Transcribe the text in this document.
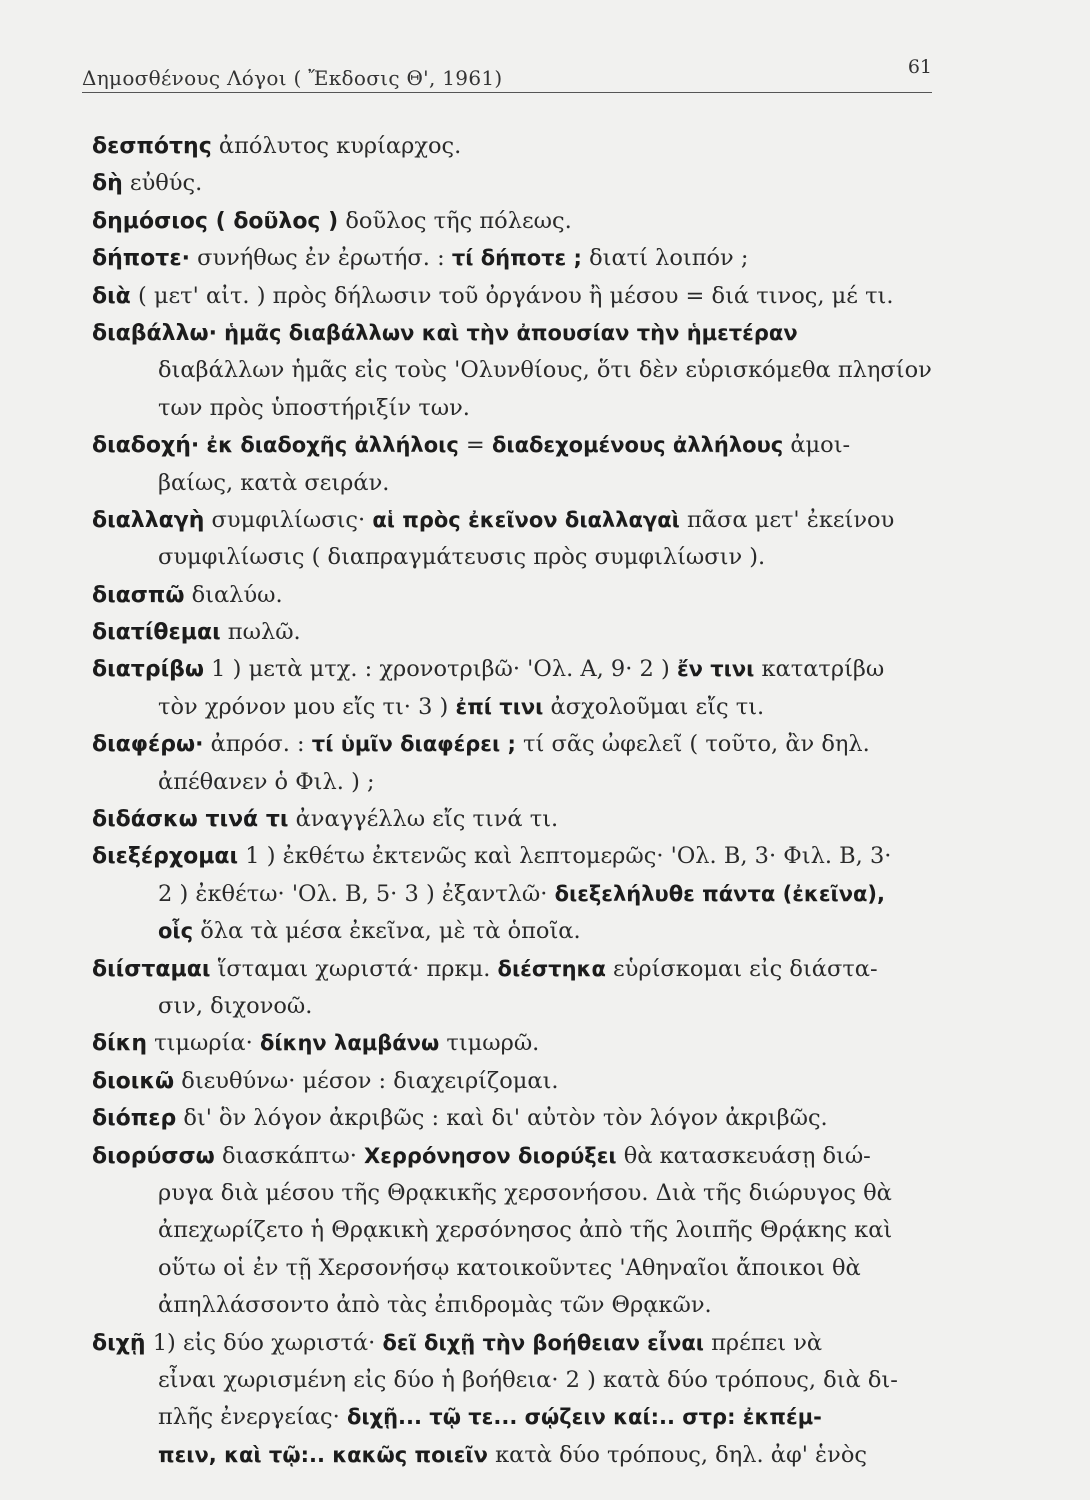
Δημοσθένους Λόγοι ( Ἔκδοσις Θ', 1961)	61
δεσπότης ἀπόλυτος κυρίαρχος.
δὴ εὐθύς.
δημόσιος ( δοῦλος ) δοῦλος τῆς πόλεως.
δήποτε· συνήθως ἐν ἐρωτήσ. : τί δήποτε ; διατί λοιπόν ;
διὰ ( μετ' αἰτ. ) πρὸς δήλωσιν τοῦ ὀργάνου ἢ μέσου = διά τινος, μέ τι.
διαβάλλω· ἡμᾶς διαβάλλων καὶ τὴν ἀπουσίαν τὴν ἡμετέραν
διαβάλλων ἡμᾶς εἰς τοὺς 'Ολυνθίους, ὅτι δὲν εὑρισκόμεθα πλησίον
των πρὸς ὑποστήριξίν των.
διαδοχή· ἐκ διαδοχῆς ἀλλήλοις = διαδεχομένους ἀλλήλους ἀμοι-
βαίως, κατὰ σειράν.
διαλλαγὴ συμφιλίωσις· αἱ πρὸς ἐκεῖνον διαλλαγαὶ πᾶσα μετ' ἐκείνου
συμφιλίωσις ( διαπραγμάτευσις πρὸς συμφιλίωσιν ).
διασπῶ διαλύω.
διατίθεμαι πωλῶ.
διατρίβω 1 ) μετὰ μτχ. : χρονοτριβῶ· 'Ολ. Α, 9· 2 ) ἔν τινι κατατρίβω
τὸν χρόνον μου εἴς τι· 3 ) ἐπί τινι ἀσχολοῦμαι εἴς τι.
διαφέρω· ἀπρόσ. : τί ὑμῖν διαφέρει ; τί σᾶς ὠφελεῖ ( τοῦτο, ἂν δηλ.
ἀπέθανεν ὁ Φιλ. ) ;
διδάσκω τινά τι ἀναγγέλλω εἴς τινά τι.
διεξέρχομαι 1 ) ἐκθέτω ἐκτενῶς καὶ λεπτομερῶς· 'Ολ. Β, 3· Φιλ. Β, 3·
2 ) ἐκθέτω· 'Ολ. Β, 5· 3 ) ἐξαντλῶ· διεξελήλυθε πάντα (ἐκεῖνα),
οἷς ὅλα τὰ μέσα ἐκεῖνα, μὲ τὰ ὁποῖα.
διίσταμαι ἵσταμαι χωριστά· πρκμ. διέστηκα εὑρίσκομαι εἰς διάστα-
σιν, διχονοῶ.
δίκη τιμωρία· δίκην λαμβάνω τιμωρῶ.
διοικῶ διευθύνω· μέσον : διαχειρίζομαι.
διόπερ δι' ὃν λόγον ἀκριβῶς : καὶ δι' αὐτὸν τὸν λόγον ἀκριβῶς.
διορύσσω διασκάπτω· Χερρόνησον διορύξει θὰ κατασκευάσῃ διώ-
ρυγα διὰ μέσου τῆς Θρᾳκικῆς χερσονήσου. Διὰ τῆς διώρυγος θὰ
ἀπεχωρίζετο ἡ Θρᾳκικὴ χερσόνησος ἀπὸ τῆς λοιπῆς Θρᾴκης καὶ
οὕτω οἱ ἐν τῇ Χερσονήσῳ κατοικοῦντες 'Αθηναῖοι ἄποικοι θὰ
ἀπηλλάσσοντο ἀπὸ τὰς ἐπιδρομὰς τῶν Θρᾳκῶν.
διχῇ 1) εἰς δύο χωριστά· δεῖ διχῇ τὴν βοήθειαν εἶναι πρέπει νὰ
εἶναι χωρισμένη εἰς δύο ἡ βοήθεια· 2 ) κατὰ δύο τρόπους, διὰ δι-
πλῆς ἐνεργείας· διχῇ... τῷ τε... σῴζειν καί:.. στρ: ἐκπέμ-
πειν, καὶ τῷ:.. κακῶς ποιεῖν κατὰ δύο τρόπους, δηλ. ἀφ' ἑνὸς
